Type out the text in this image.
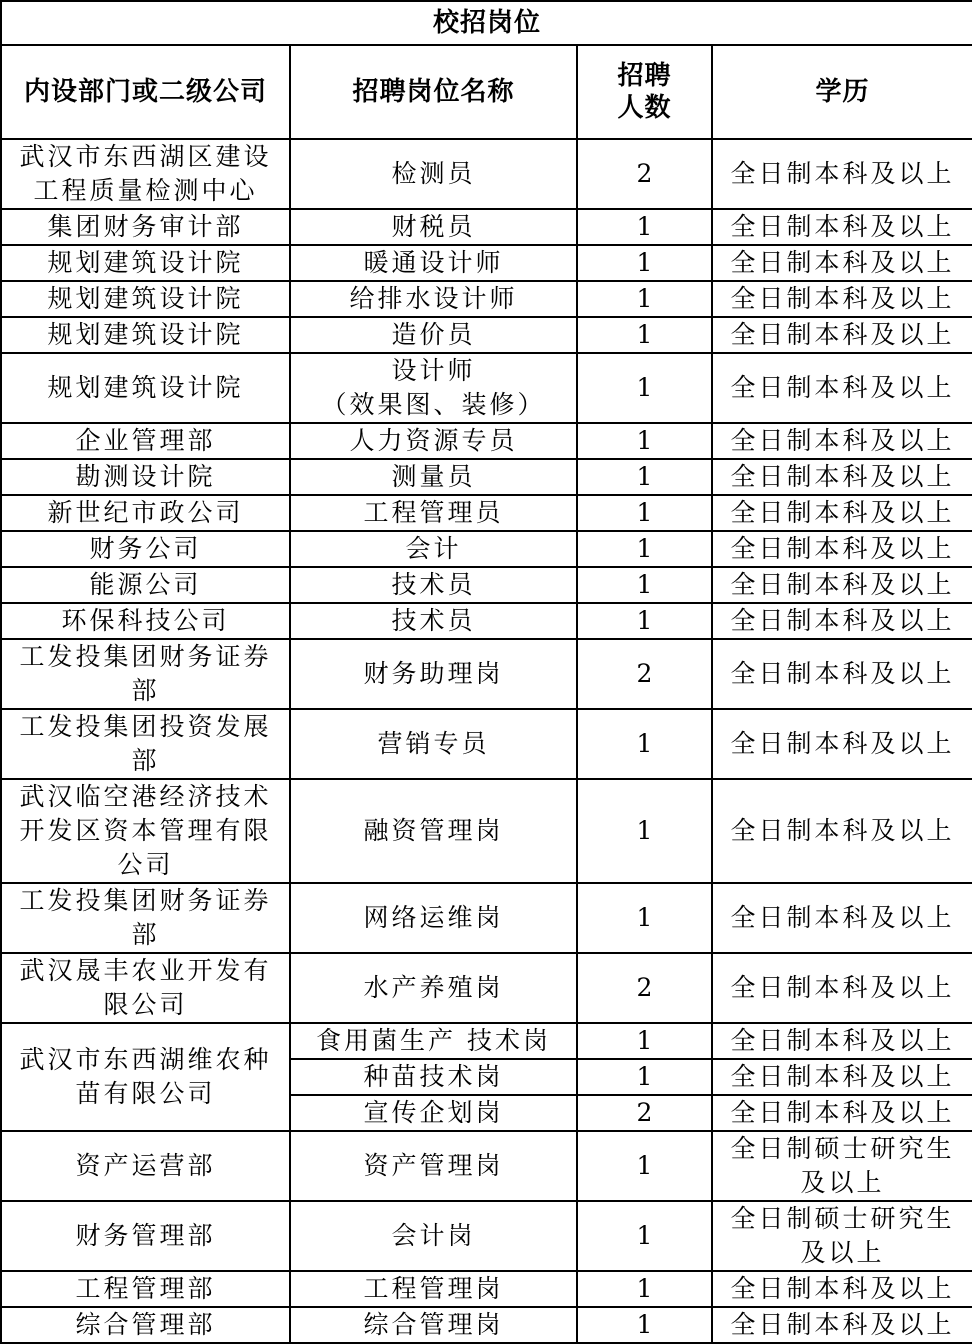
校招岗位			
内设部门或二级公司	招聘岗位名称	招聘
人数	学历
武汉市东西湖区建设
工程质量检测中心	检测员	2	全日制本科及以上
集团财务审计部	财税员	1	全日制本科及以上
规划建筑设计院	暖通设计师	1	全日制本科及以上
规划建筑设计院	给排水设计师	1	全日制本科及以上
规划建筑设计院	造价员	1	全日制本科及以上
规划建筑设计院	设计师
（效果图、装修）	1	全日制本科及以上
企业管理部	人力资源专员	1	全日制本科及以上
勘测设计院	测量员	1	全日制本科及以上
新世纪市政公司	工程管理员	1	全日制本科及以上
财务公司	会计	1	全日制本科及以上
能源公司	技术员	1	全日制本科及以上
环保科技公司	技术员	1	全日制本科及以上
工发投集团财务证券
部	财务助理岗	2	全日制本科及以上
工发投集团投资发展
部	营销专员	1	全日制本科及以上
武汉临空港经济技术
开发区资本管理有限
公司	融资管理岗	1	全日制本科及以上
工发投集团财务证券
部	网络运维岗	1	全日制本科及以上
武汉晟丰农业开发有
限公司	水产养殖岗	2	全日制本科及以上
武汉市东西湖维农种
苗有限公司	食用菌生产 技术岗	1	全日制本科及以上
	种苗技术岗	1	全日制本科及以上
	宣传企划岗	2	全日制本科及以上
资产运营部	资产管理岗	1	全日制硕士研究生
及以上
财务管理部	会计岗	1	全日制硕士研究生
及以上
工程管理部	工程管理岗	1	全日制本科及以上
综合管理部	综合管理岗	1	全日制本科及以上
